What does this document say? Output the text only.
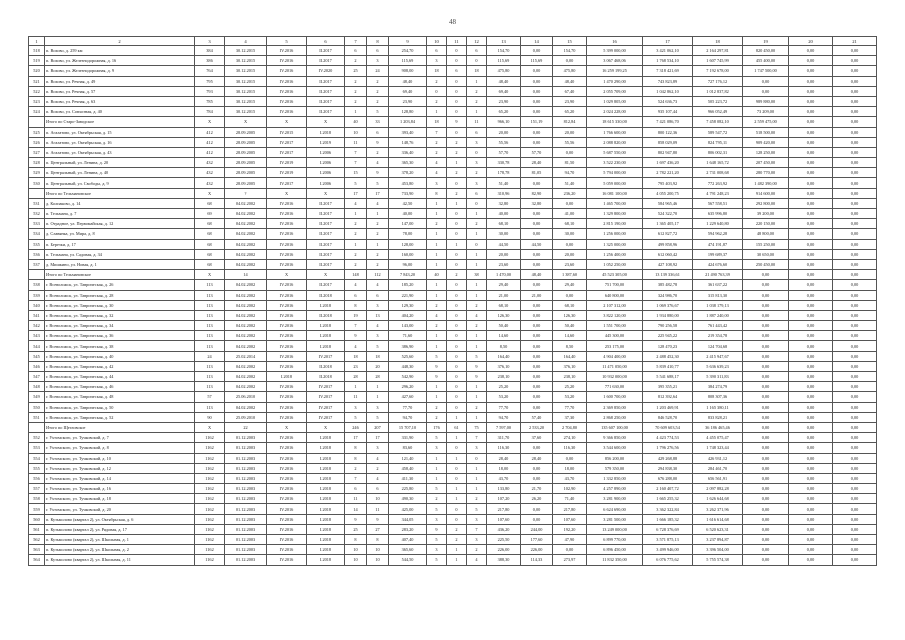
48
1	2	3	4	5	6	7	8	9	10	11	12	13	14	15	16	17	18	19	20	21
518	п. Вохово, д. 259 км	384	30.12.2015	IV.2016	II.2017	6	6	254,70	6	0	6	154,70	0,00	154,70	5 399 000,00	3 421 062,10	2 164 297,81	820 450,00	0,00	0,00
519	п. Вохово, ул. Железнодорожная, д. 16	386	30.12.2015	IV.2016	II.2017	2	3	115,69	3	0	0	115,69	115,69	0,00	3 067 468,06	1 768 534,10	1 607 745,99	455 400,00	0,00	0,00
520	п. Вохово, ул. Железнодорожная, д. 9	764	30.12.2015	IV.2016	IV.2020	25	24	908,00	18	6	18	475,80	0,00	475,80	16 259 199,25	7 318 421,69	7 192 678,00	1 747 500,00	0,00	0,00
521	п. Вохово, ул. Речная, д. 49	795	30.12.2015	IV.2016	II.2017	2	2	48,40	2	0	1	48,40	0,00	48,40	1 470 290,00	743 823,89	727 176,12	0,00	0,00	0,00
522	п. Вохово, ул. Речная, д. 57	793	30.12.2015	IV.2016	II.2017	2	2	69,40	0	0	2	69,40	0,00	67,40	2 055 709,00	1 042 862,10	1 012 837,82	0,00	0,00	0,00
523	п. Вохово, ул. Речная, д. 63	785	30.12.2015	IV.2016	II.2017	2	2	23,90	2	0	2	23,90	0,00	23,90	1 029 805,00	524 636,73	505 223,72	989 880,00	0,00	0,00
524	п. Вохово, ул. Совхозная, д. 40	784	30.12.2015	IV.2016	II.2017	1	5	128,80	1	0	1	65,20	0,00	65,20	2 024 228,00	935 107,44	966 052,49	73 209,00	0,00	0,00
	Итого по Старо-Заводское	X	X	X	X	40	33	1 203,84	18	9	11	966,10	151,19	812,84	18 615 330,00	7 421 086,70	7 458 082,10	2 559 475,00	0,00	0,00
525	п. Агалатово, ул. Октябрьская, д. 15	412	28.09.2005	IV.2015	I.2018	10	6	393,40	7	0	6	20,00	0,00	20,00	1 766 600,00	800 122,36	589 547,72	518 500,00	0,00	0,00
526	п. Агалатово, ул. Октябрьская, д. 16	412	28.09.2005	IV.2017	I.2019	11	9	148,76	2	2	3	55,56	0,00	55,56	2 088 820,00	858 029,09	824 795,11	909 420,00	0,00	0,00
527	п. Агалатово, ул. Октябрьская, д. 43	412	28.09.2005	IV.2017	I.2006	7	2	336,40	2	2	0	57,70	57,70	0,00	5 687 550,00	802 947,80	806 002,31	128 250,00	0,00	0,00
528	п. Центральный, ул. Ленина, д. 20	432	28.09.2005	IV.2019	I.2006	7	4	365,30	4	1	3	330,78	28,40	81,50	3 522 230,00	1 697 436,20	1 648 165,72	207 450,00	0,00	0,00
529	п. Центральный, ул. Ленина, д. 40	432	28.09.2005	IV.2019	I.2006	15	9	378,20	4	2	2	178,78	81,05	94,70	5 794 000,00	2 782 221,20	2 731 008,68	280 770,00	0,00	0,00
530	п. Центральный, ул. Свободы, д. 9	432	28.09.2005	IV.2017	I.2006	5	5	453,80	3	0	3	51,40	0,00	51,40	5 059 000,00	795 403,92	772 263,92	1 482 390,00	0,00	0,00
	Итого по Тельмановское	X	?	X	X	17	17	733,90	8	2	6	310,96	82,90	236,20	16 081 100,00	4 055 200,75	4 791 248,23	914 600,00	0,00	0,00
531	д. Колпаково, д. 14	68	04.02.2002	IV.2016	II.2017	4	4	42,50	1	1	0	32,80	32,80	0,00	1 465 700,00	584 965,46	567 558,51	292 800,00	0,00	0,00
532	п. Тельмана, д. 7	69	04.02.2002	IV.2016	II.2017	1	1	40,00	1	0	1	40,00	0,00	41,00	1 329 800,00	524 322,70	635 996,80	39 200,00	0,00	0,00
533	п. Отрадное, ул. Первомайская, д. 12	68	04.02.2002	IV.2016	II.2017	2	2	147,00	2	0	2	68,10	0,00	68,10	2 815 190,00	1 365 405,17	1 229 640,80	220 150,00	0,00	0,00
534	д. Славянка, ул. Мира, д. 8	68	04.02.2002	IV.2016	II.2017	2	2	78,00	1	0	1	30,00	0,00	30,00	1 256 000,00	612 827,72	594 962,28	48 800,00	0,00	0,00
535	п. Березки, д. 17	68	04.02.2002	IV.2016	II.2017	1	1	128,00	1	1	0	44,50	44,50	0,00	1 325 000,00	499 858,96	474 191,87	155 250,00	0,00	0,00
536	п. Тельмана, ул. Садовая, д. 34	68	04.02.2002	IV.2016	II.2017	2	2	160,00	1	0	1	20,00	0,00	20,00	1 256 400,00	612 060,42	199 689,37	30 650,00	0,00	0,00
537	д. Мишкино, ул. Новая, д. 1	68	04.02.2002	IV.2016	II.2017	2	2	96,00	1	0	1	23,60	0,00	23,60	1 052 250,00	427 108,92	424 676,60	250 450,00	0,00	0,00
	Итого по Тельмановское	X	14	X	X	148	112	7 843,20	40	2	38	1 470,00	48,40	1 387,60	45 523 305,00	13 139 336,61	21 490 763,39	0,00	0,00	0,00
538	г. Всеволожск, ул. Таврическая, д. 26	113	04.02.2002	IV.2016	II.2017	4	4	185,20	1	0	1	29,40	0,00	29,40	751 700,00	385 482,78	361 637,22	0,00	0,00	0,00
539	г. Всеволожск, ул. Таврическая, д. 28	113	04.02.2002	IV.2016	II.2018	6	6	221,90	1	0	1	21,00	21,00	0,00	640 800,00	324 986,70	315 813,30	0,00	0,00	0,00
540	г. Всеволожск, ул. Таврическая, д. 30	113	04.02.2002	IV.2016	I.2018	8	3	129,30	2	0	2	68,10	0,00	68,10	2 107 312,00	1 069 376,67	1 038 179,13	0,00	0,00	0,00
541	г. Всеволожск, ул. Таврическая, д. 32	113	04.02.2002	IV.2016	II.2018	19	13	404,20	4	0	4	126,30	0,00	126,30	3 822 120,00	1 934 880,00	1 887 240,00	0,00	0,00	0,00
542	г. Всеволожск, ул. Таврическая, д. 34	113	04.02.2002	IV.2016	I.2018	7	4	143,00	2	0	2	50,40	0,00	50,40	1 551 700,00	790 256,58	761 443,42	0,00	0,00	0,00
543	г. Всеволожск, ул. Таврическая, д. 36	113	04.02.2002	IV.2016	I.2018	9	3	71,60	1	0	1	14,60	0,00	14,60	445 300,00	225 945,22	219 354,78	0,00	0,00	0,00
544	г. Всеволожск, ул. Таврическая, д. 38	113	04.02.2002	IV.2016	I.2018	4	5	386,90	1	0	1	8,50	0,00	8,50	253 175,00	128 470,23	124 704,68	0,00	0,00	0,00
545	г. Всеволожск, ул. Таврическая, д. 40	24	25.02.2014	IV.2016	IV.2017	18	18	525,60	5	0	5	164,40	0,00	164,40	4 904 400,00	2 488 452,30	2 415 947,67	0,00	0,00	0,00
546	г. Всеволожск, ул. Таврическая, д. 42	113	04.02.2002	IV.2016	II.2018	23	20	448,30	9	0	9	376,10	0,00	376,10	11 471 050,00	5 839 410,77	5 636 639,23	0,00	0,00	0,00
547	г. Всеволожск, ул. Таврическая, д. 44	113	04.02.2002	I.2018	II.2018	28	28	542,90	9	0	9	238,10	0,00	238,10	10 932 000,00	5 541 688,17	5 390 311,83	0,00	0,00	0,00
548	г. Всеволожск, ул. Таврическая, д. 46	113	04.02.2002	IV.2016	IV.2017	1	1	296,20	1	0	1	25,20	0,00	25,20	771 630,00	395 355,21	384 274,79	0,00	0,00	0,00
549	г. Всеволожск, ул. Таврическая, д. 48	57	25.06.2010	IV.2016	IV.2017	11	1	427,60	1	0	1	53,20	0,00	53,20	1 600 700,00	812 392,64	808 307,36	0,00	0,00	0,00
550	г. Всеволожск, ул. Таврическая, д. 50	113	04.02.2002	IV.2016	IV.2017	3	3	77,70	2	0	2	77,70	0,00	77,70	2 369 850,00	1 203 469,91	1 165 380,11	0,00	0,00	0,00
551	г. Всеволожск, ул. Таврическая, д. 52	90	25.09.2010	IV.2016	IV.2017	5	5	94,70	2	1	1	94,70	57,40	37,30	2 868 250,00	846 528,70	833 828,21	0,00	0,00	0,00
	Итого по Щегловское	X	22	X	X	246	207	15 707,10	176	61	75	7 597,00	2 533,20	2 704,80	135 607 100,00	70 609 603,54	36 186 465,46	0,00	0,00	0,00
552	г. Ухтомского, ул. Тучковский, д. 7	1162	01.12.2003	IV.2016	I.2018	17	17	331,90	5	1	7	311,70	37,60	274,10	9 366 850,00	4 423 774,53	4 455 075,47	0,00	0,00	0,00
553	г. Ухтомского, ул. Тучковский, д. 8	1162	01.12.2003	IV.2016	I.2018	8	3	83,60	3	0	3	116,30	0,00	116,30	3 544 600,00	1 796 276,56	1 748 323,44	0,00	0,00	0,00
554	г. Ухтомского, ул. Тучковский, д. 10	1162	01.12.2003	IV.2016	I.2018	8	4	121,40	1	1	0	28,40	28,40	0,00	856 200,00	429 268,88	426 931,12	0,00	0,00	0,00
555	г. Ухтомского, ул. Тучковский, д. 12	1162	01.12.2003	IV.2016	I.2018	2	2	458,40	1	0	1	18,00	0,00	18,00	579 350,00	294 838,30	284 461,70	0,00	0,00	0,00
556	г. Ухтомского, ул. Тучковский, д. 14	1162	01.12.2003	IV.2016	I.2018	7	4	411,30	1	0	1	43,70	0,00	43,70	1 332 850,00	676 288,00	656 561,91	0,00	0,00	0,00
557	г. Ухтомского, ул. Тучковский, д. 16	1162	01.12.2003	IV.2016	I.2018	6	6	225,80	5	1	1	133,80	21,70	102,90	4 257 890,00	2 160 407,72	2 097 882,28	0,00	0,00	0,00
558	г. Ухтомского, ул. Тучковский, д. 18	1162	01.12.2003	IV.2016	I.2018	11	10	490,30	2	1	2	107,20	26,20	71,40	3 281 900,00	1 665 255,32	1 626 644,68	0,00	0,00	0,00
559	г. Ухтомского, ул. Тучковский, д. 20	1162	01.12.2003	IV.2016	I.2018	14	11	425,00	5	0	5	217,80	0,00	217,80	6 624 690,00	3 362 322,84	3 262 371,96	0,00	0,00	0,00
560	п. Кузьмолово (квартал 2), ул. Октябрьская, д. 6	1162	01.12.2003	IV.2016	I.2018	9	9	344,05	3	0	3	107,60	0,00	107,60	3 281 500,00	1 666 185,32	1 616 614,68	0,00	0,00	0,00
561	п. Кузьмолово (квартал 2), ул. Рядовая, д. 17	1162	01.12.2003	IV.2016	I.2018	25	27	283,20	9	2	7	436,20	244,00	192,20	13 249 000,00	6 728 376,69	6 520 623,31	0,00	0,00	0,00
562	п. Кузьмолово (квартал 2), ул. Школьная, д. 1	1162	01.12.2003	IV.2016	I.2018	8	8	407,40	5	2	3	225,50	177,60	47,90	6 899 770,00	3 571 875,13	3 237 894,87	0,00	0,00	0,00
563	п. Кузьмолово (квартал 2), ул. Школьная, д. 2	1162	01.12.2003	IV.2016	I.2018	10	10	365,60	3	1	2	226,00	226,00	0,00	6 896 450,00	3 499 946,00	3 396 504,00	0,00	0,00	0,00
564	п. Кузьмолово (квартал 2), ул. Школьная, д. 11	1162	01.12.2003	IV.2016	I.2018	10	10	544,50	5	1	4	388,30	114,33	273,97	11 832 350,00	6 076 775,62	5 755 574,38	0,00	0,00	0,00
